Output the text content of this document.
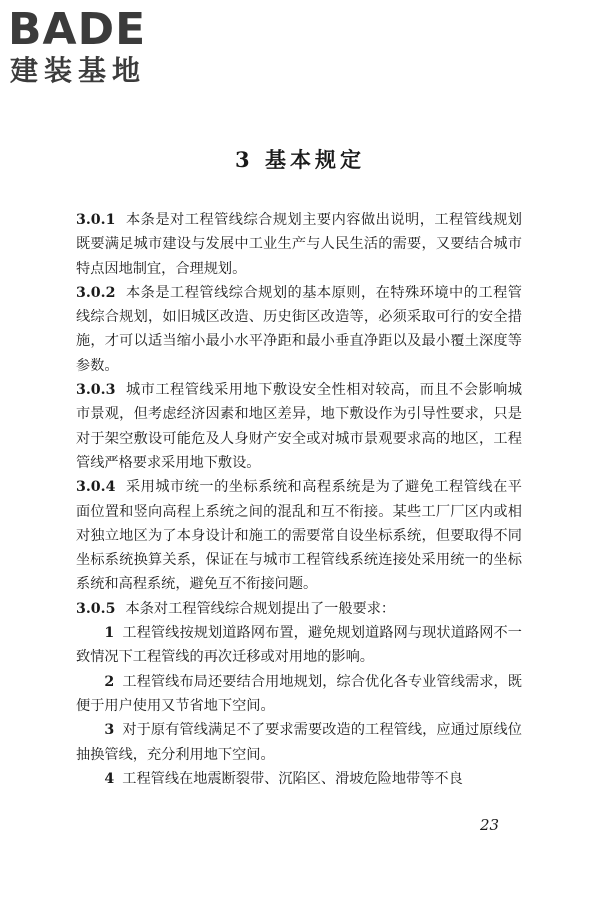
BADE
建装基地
3 基本规定

3.0.1 本条是对工程管线综合规划主要内容做出说明，工程管线规划既要满足城市建设与发展中工业生产与人民生活的需要，又要结合城市特点因地制宜，合理规划。

3.0.2 本条是工程管线综合规划的基本原则，在特殊环境中的工程管线综合规划，如旧城区改造、历史街区改造等，必须采取可行的安全措施，才可以适当缩小最小水平净距和最小垂直净距以及最小覆土深度等参数。

3.0.3 城市工程管线采用地下敷设安全性相对较高，而且不会影响城市景观，但考虑经济因素和地区差异，地下敷设作为引导性要求，只是对于架空敷设可能危及人身财产安全或对城市景观要求高的地区，工程管线严格要求采用地下敷设。

3.0.4 采用城市统一的坐标系统和高程系统是为了避免工程管线在平面位置和竖向高程上系统之间的混乱和互不衔接。某些工厂厂区内或相对独立地区为了本身设计和施工的需要常自设坐标系统，但要取得不同坐标系统换算关系，保证在与城市工程管线系统连接处采用统一的坐标系统和高程系统，避免互不衔接问题。

3.0.5 本条对工程管线综合规划提出了一般要求：

1 工程管线按规划道路网布置，避免规划道路网与现状道路网不一致情况下工程管线的再次迁移或对用地的影响。

2 工程管线布局还要结合用地规划，综合优化各专业管线需求，既便于用户使用又节省地下空间。

3 对于原有管线满足不了要求需要改造的工程管线，应通过原线位抽换管线，充分利用地下空间。

4 工程管线在地震断裂带、沉陷区、滑坡危险地带等不良

23
